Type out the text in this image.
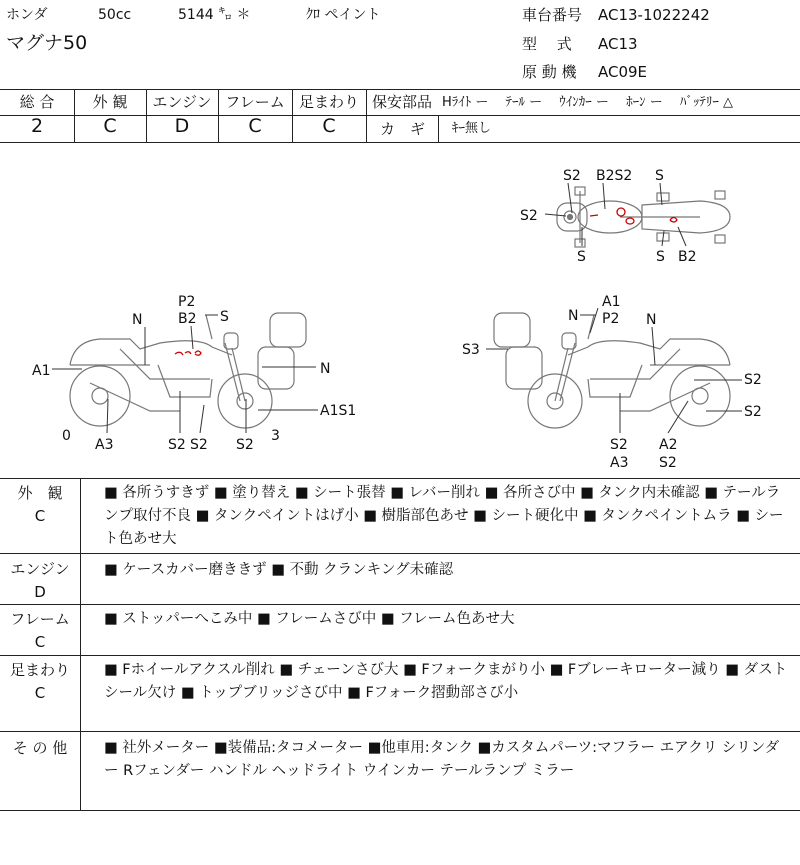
ホンダ	50cc	5144 ㌔ ＊	ｸﾛ ペイント
マグナ50
車台番号 AC13-1022242
型　 式 AC13
原 動 機 AC09E
総 合	外 観	エンジン フレーム 足まわり
2	C	D	C	C
保安部品 Hﾗｲﾄ ー　 ﾃｰﾙ ー　 ｳｲﾝｶｰ ー　 ﾎｰﾝ ー　 ﾊﾞｯﾃﾘｰ △
カ　ギ ｷｰ無し
S2 B2S2 S
S2
S	S B2
P2
B2 S
N
A1	N
A1S1
0
A3	S2 S2 S2
3
A1
N P2 N
S3
S2
S2
S2
A3
A2
S2
外　観
C
■ 各所うすきず ■ 塗り替え ■ シート張替 ■ レバー削れ ■ 各所さび中 ■ タンク内未確認 ■ テールランプ取付不良 ■ タンクペイントはげ小 ■ 樹脂部色あせ ■ シート硬化中 ■ タンクペイントムラ ■ シート色あせ大
エンジン
D
■ ケースカバー磨ききず ■ 不動 クランキング未確認
フレーム
C
■ ストッパーへこみ中 ■ フレームさび中 ■ フレーム色あせ大
足まわり
C
■ Fホイールアクスル削れ ■ チェーンさび大 ■ Fフォークまがり小 ■ Fブレーキローター減り ■ ダストシール欠け ■ トップブリッジさび中 ■ Fフォーク摺動部さび小
そ の 他	■ 社外メーター ■装備品:タコメーター ■他車用:タンク ■カスタムパーツ:マフラー エアクリ シリンダー Rフェンダー ハンドル ヘッドライト ウインカー テールランプ ミラー
